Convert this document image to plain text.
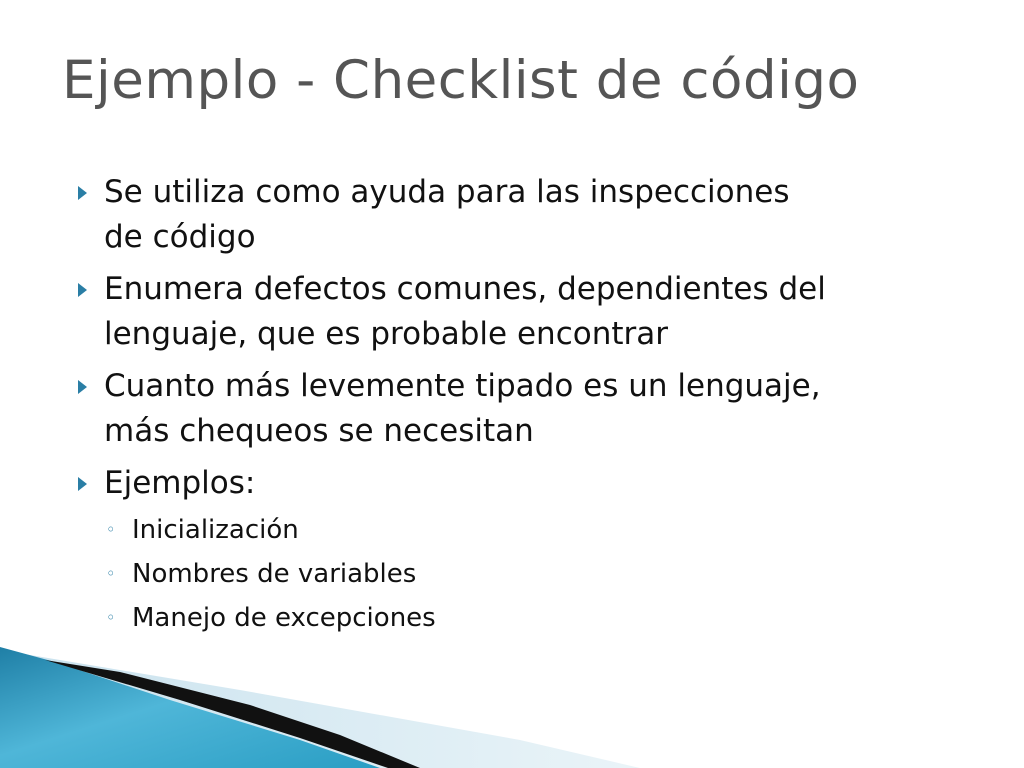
Ejemplo - Checklist de código
Se utiliza como ayuda para las inspecciones
de código
Enumera defectos comunes, dependientes del
lenguaje, que es probable encontrar
Cuanto más levemente tipado es un lenguaje,
más chequeos se necesitan
Ejemplos:
◦ Inicialización
◦ Nombres de variables
◦ Manejo de excepciones
